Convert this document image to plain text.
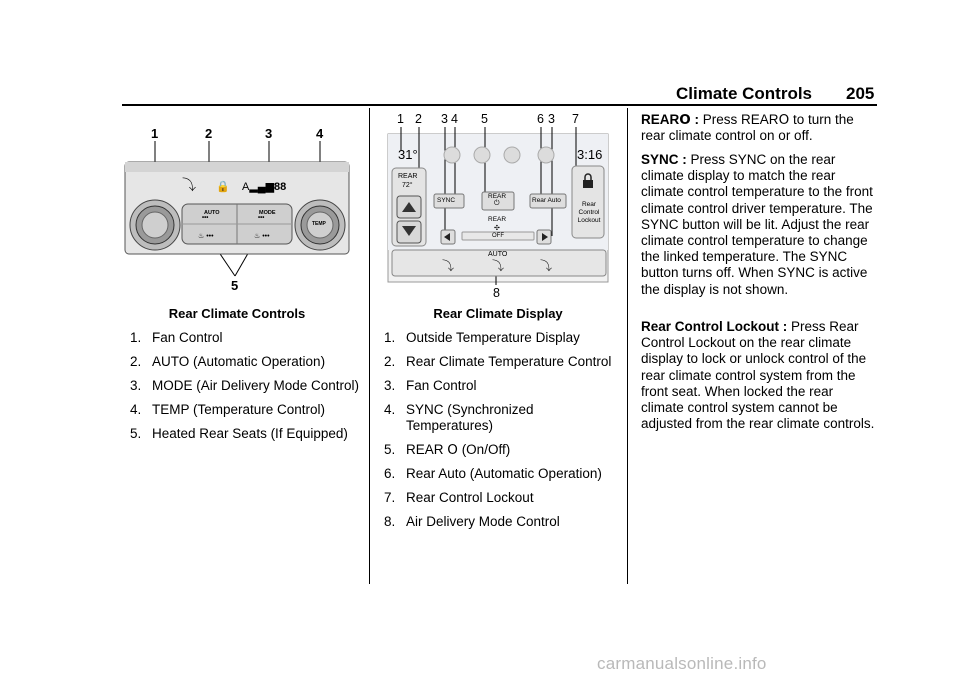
Climate Controls 205
1	2	3	4
5
⤵ 🔒 A▂▄▆ 88
•••	•••
♨ •••	♨ •••
AUTO	MODE
TEMP
Rear Climate Controls
1. Fan Control
2. AUTO (Automatic Operation)
3. MODE (Air Delivery Mode Control)
4. TEMP (Temperature Control)
5. Heated Rear Seats (If Equipped)
1 2 3 4 5	6 3 7
8
⤵	⤵	⤵
31°	3:16
REAR
72°
SYNC
REAR
⏻	Rear Auto
REAR
✣
OFF
Rear
Control
Lockout
AUTO
Rear Climate Display
1. Outside Temperature Display
2. Rear Climate Temperature Control
3. Fan Control
4. SYNC (Synchronized Temperatures)
5. REAR O (On/Off)
6. Rear Auto (Automatic Operation)
7. Rear Control Lockout
8. Air Delivery Mode Control

REARO : Press REARO to turn the rear climate control on or off.

SYNC : Press SYNC on the rear climate display to match the rear climate control temperature to the front climate control driver temperature. The SYNC button will be lit. Adjust the rear climate control temperature to change the linked temperature. The SYNC button turns off. When SYNC is active the display is not shown.

Rear Control Lockout : Press Rear Control Lockout on the rear climate display to lock or unlock control of the rear climate control system from the front seat. When locked the rear climate control system cannot be adjusted from the rear climate controls.

carmanualsonline.info
